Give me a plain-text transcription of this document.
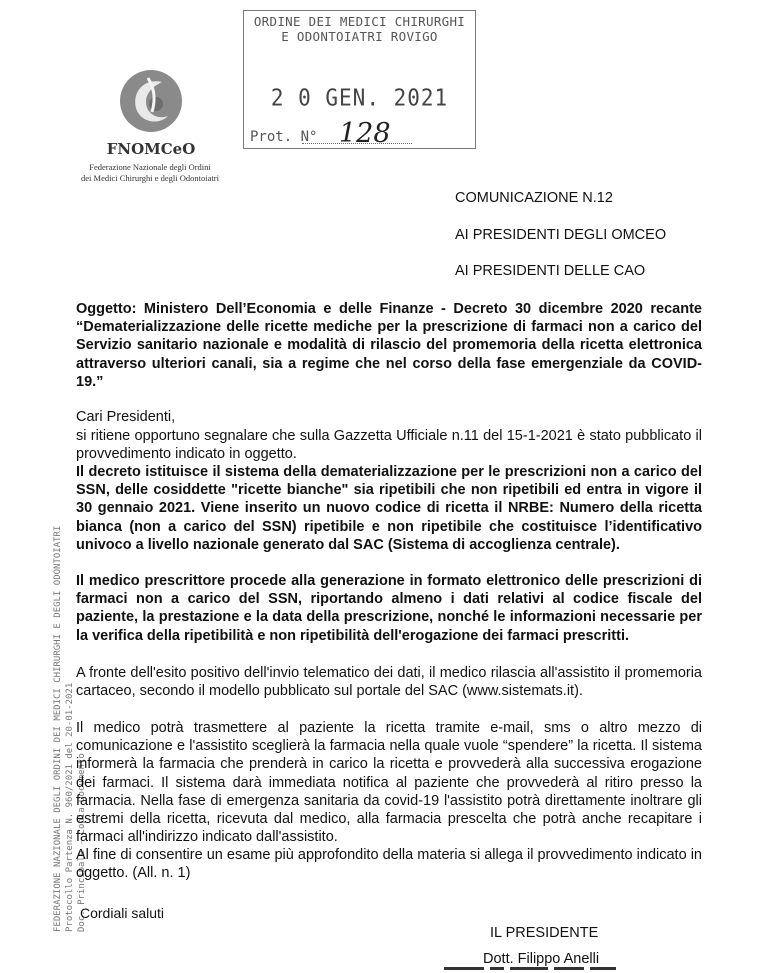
ORDINE DEI MEDICI CHIRURGHI
E ODONTOIATRI ROVIGO
2 0 GEN. 2021
Prot. N° 128
FNOMCeO
Federazione Nazionale degli Ordini
dei Medici Chirurghi e degli Odontoiatri
FEDERAZIONE NAZIONALE DEGLI ORDINI DEI MEDICI CHIRURGHI E DEGLI ODONTOIATRI Protocollo Partenza N. 960/2021 del 20-01-2021 Doc. Principale - Copia Documento
COMUNICAZIONE N.12
AI PRESIDENTI DEGLI OMCEO
AI PRESIDENTI DELLE CAO
Oggetto: Ministero Dell’Economia e delle Finanze - Decreto 30 dicembre 2020 recante “Dematerializzazione delle ricette mediche per la prescrizione di farmaci non a carico del Servizio sanitario nazionale e modalità di rilascio del promemoria della ricetta elettronica attraverso ulteriori canali, sia a regime che nel corso della fase emergenziale da COVID-19.”
Cari Presidenti,
si ritiene opportuno segnalare che sulla Gazzetta Ufficiale n.11 del 15-1-2021 è stato pubblicato il provvedimento indicato in oggetto.
Il decreto istituisce il sistema della dematerializzazione per le prescrizioni non a carico del SSN, delle cosiddette "ricette bianche" sia ripetibili che non ripetibili ed entra in vigore il 30 gennaio 2021. Viene inserito un nuovo codice di ricetta il NRBE: Numero della ricetta bianca (non a carico del SSN) ripetibile e non ripetibile che costituisce l’identificativo univoco a livello nazionale generato dal SAC (Sistema di accoglienza centrale).
Il medico prescrittore procede alla generazione in formato elettronico delle prescrizioni di farmaci non a carico del SSN, riportando almeno i dati relativi al codice fiscale del paziente, la prestazione e la data della prescrizione, nonché le informazioni necessarie per la verifica della ripetibilità e non ripetibilità dell'erogazione dei farmaci prescritti.
A fronte dell'esito positivo dell'invio telematico dei dati, il medico rilascia all'assistito il promemoria cartaceo, secondo il modello pubblicato sul portale del SAC (www.sistemats.it).
Il medico potrà trasmettere al paziente la ricetta tramite e-mail, sms o altro mezzo di comunicazione e l'assistito sceglierà la farmacia nella quale vuole “spendere” la ricetta. Il sistema informerà la farmacia che prenderà in carico la ricetta e provvederà alla successiva erogazione dei farmaci. Il sistema darà immediata notifica al paziente che provvederà al ritiro presso la farmacia. Nella fase di emergenza sanitaria da covid-19 l'assistito potrà direttamente inoltrare gli estremi della ricetta, ricevuta dal medico, alla farmacia prescelta che potrà anche recapitare i farmaci all'indirizzo indicato dall'assistito.
Al fine di consentire un esame più approfondito della materia si allega il provvedimento indicato in oggetto. (All. n. 1)
Cordiali saluti
IL PRESIDENTE
Dott. Filippo Anelli
